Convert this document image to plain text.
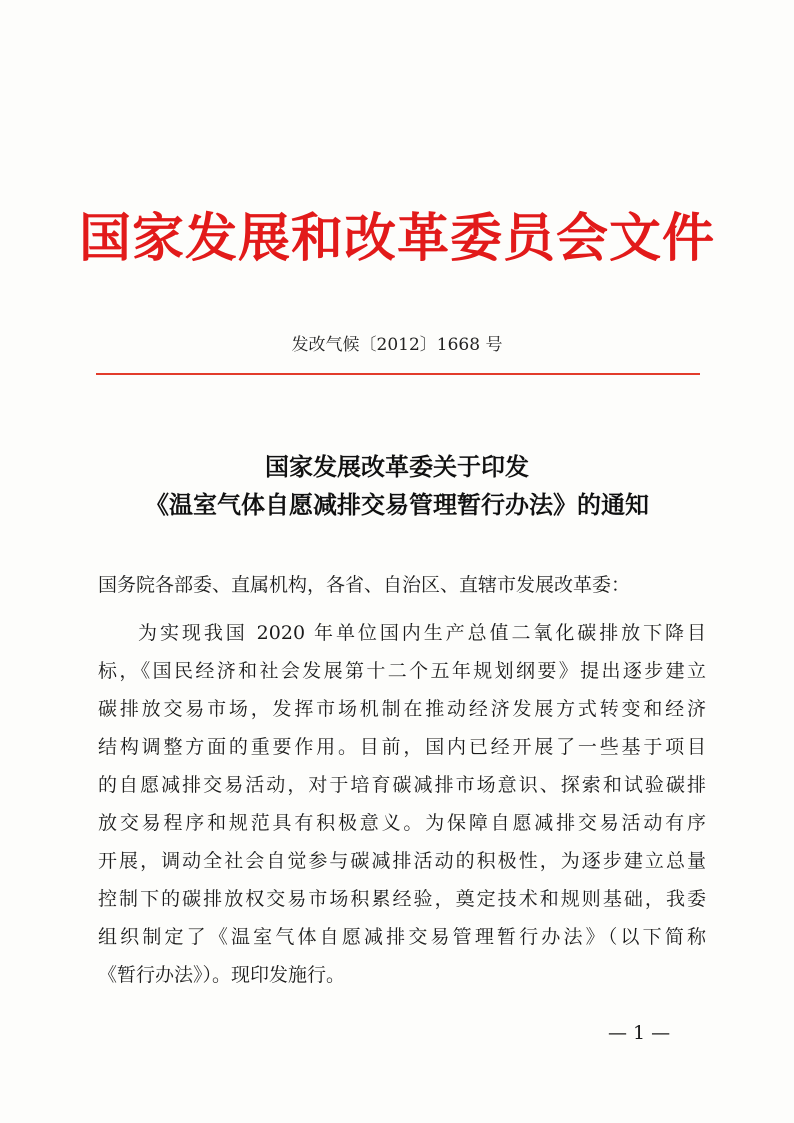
国家发展和改革委员会文件
发改气候〔2012〕1668 号
国家发展改革委关于印发
《温室气体自愿减排交易管理暂行办法》的通知
国务院各部委、直属机构，各省、自治区、直辖市发展改革委：
为实现我国 2020 年单位国内生产总值二氧化碳排放下降目
标，《国民经济和社会发展第十二个五年规划纲要》提出逐步建立
碳排放交易市场，发挥市场机制在推动经济发展方式转变和经济
结构调整方面的重要作用。目前，国内已经开展了一些基于项目
的自愿减排交易活动，对于培育碳减排市场意识、探索和试验碳排
放交易程序和规范具有积极意义。为保障自愿减排交易活动有序
开展，调动全社会自觉参与碳减排活动的积极性，为逐步建立总量
控制下的碳排放权交易市场积累经验，奠定技术和规则基础，我委
组织制定了《温室气体自愿减排交易管理暂行办法》（以下简称
《暂行办法》）。现印发施行。
— 1 —
